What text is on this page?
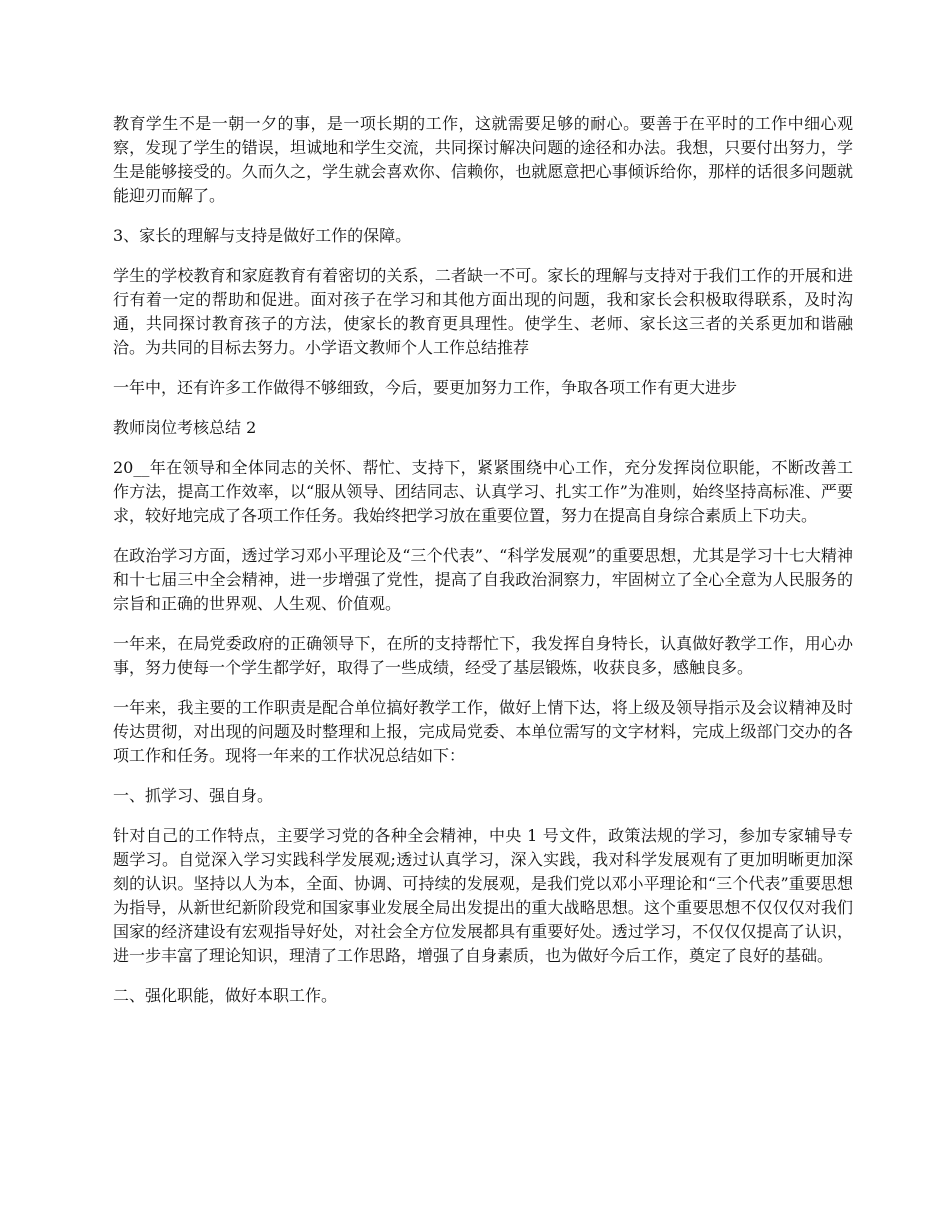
教育学生不是一朝一夕的事，是一项长期的工作，这就需要足够的耐心。要善于在平时的工作中细心观察，发现了学生的错误，坦诚地和学生交流，共同探讨解决问题的途径和办法。我想，只要付出努力，学生是能够接受的。久而久之，学生就会喜欢你、信赖你，也就愿意把心事倾诉给你，那样的话很多问题就能迎刃而解了。

3、家长的理解与支持是做好工作的保障。

学生的学校教育和家庭教育有着密切的关系，二者缺一不可。家长的理解与支持对于我们工作的开展和进行有着一定的帮助和促进。面对孩子在学习和其他方面出现的问题，我和家长会积极取得联系，及时沟通，共同探讨教育孩子的方法，使家长的教育更具理性。使学生、老师、家长这三者的关系更加和谐融洽。为共同的目标去努力。小学语文教师个人工作总结推荐

一年中，还有许多工作做得不够细致，今后，要更加努力工作，争取各项工作有更大进步

教师岗位考核总结 2

20__年在领导和全体同志的关怀、帮忙、支持下，紧紧围绕中心工作，充分发挥岗位职能，不断改善工作方法，提高工作效率，以“服从领导、团结同志、认真学习、扎实工作”为准则，始终坚持高标准、严要求，较好地完成了各项工作任务。我始终把学习放在重要位置，努力在提高自身综合素质上下功夫。

在政治学习方面，透过学习邓小平理论及“三个代表”、“科学发展观”的重要思想，尤其是学习十七大精神和十七届三中全会精神，进一步增强了党性，提高了自我政治洞察力，牢固树立了全心全意为人民服务的宗旨和正确的世界观、人生观、价值观。

一年来，在局党委政府的正确领导下，在所的支持帮忙下，我发挥自身特长，认真做好教学工作，用心办事，努力使每一个学生都学好，取得了一些成绩，经受了基层锻炼，收获良多，感触良多。

一年来，我主要的工作职责是配合单位搞好教学工作，做好上情下达，将上级及领导指示及会议精神及时传达贯彻，对出现的问题及时整理和上报，完成局党委、本单位需写的文字材料，完成上级部门交办的各项工作和任务。现将一年来的工作状况总结如下：

一、抓学习、强自身。

针对自己的工作特点，主要学习党的各种全会精神，中央 1 号文件，政策法规的学习，参加专家辅导专题学习。自觉深入学习实践科学发展观;透过认真学习，深入实践，我对科学发展观有了更加明晰更加深刻的认识。坚持以人为本，全面、协调、可持续的发展观，是我们党以邓小平理论和“三个代表”重要思想为指导，从新世纪新阶段党和国家事业发展全局出发提出的重大战略思想。这个重要思想不仅仅仅对我们国家的经济建设有宏观指导好处，对社会全方位发展都具有重要好处。透过学习，不仅仅仅提高了认识，进一步丰富了理论知识，理清了工作思路，增强了自身素质，也为做好今后工作，奠定了良好的基础。

二、强化职能，做好本职工作。
